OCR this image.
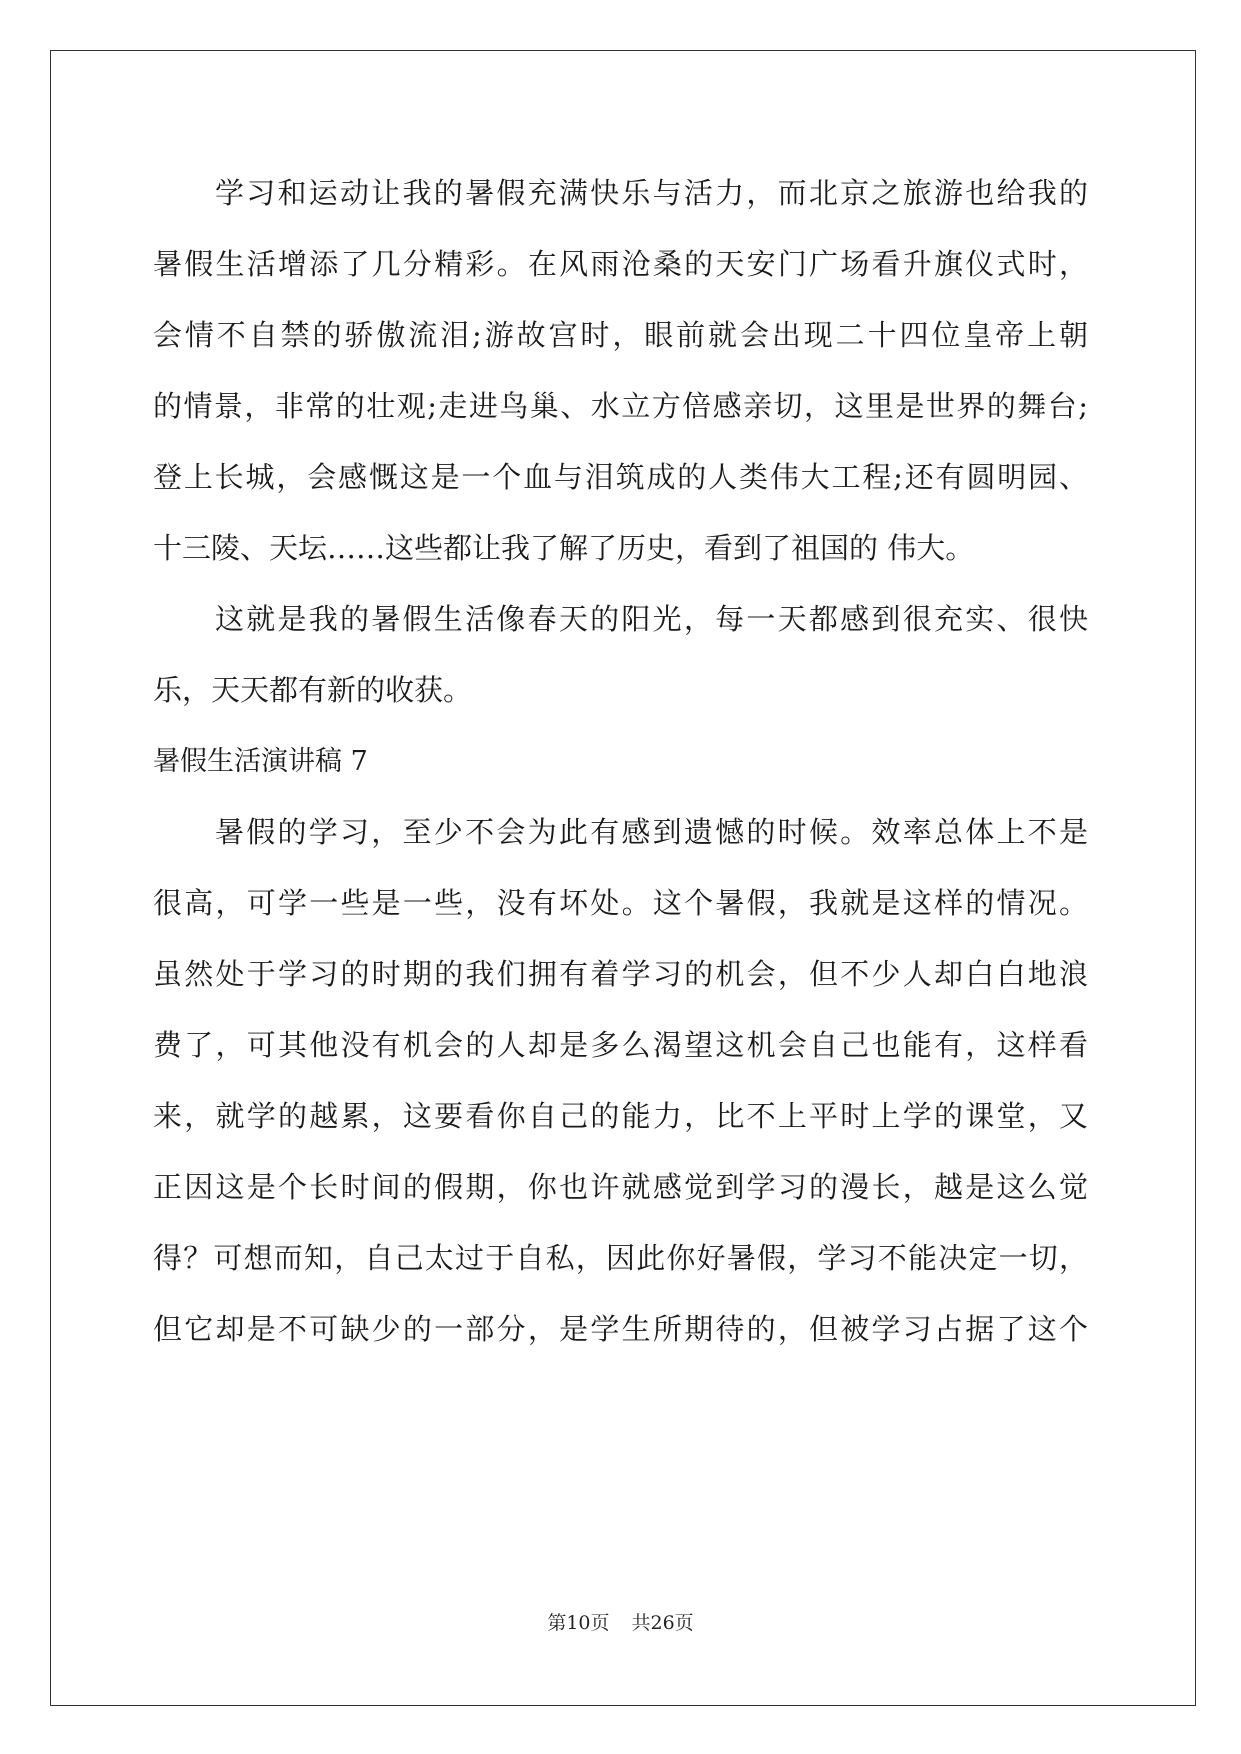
学习和运动让我的暑假充满快乐与活力，而北京之旅游也给我的
暑假生活增添了几分精彩。在风雨沧桑的天安门广场看升旗仪式时，
会情不自禁的骄傲流泪;游故宫时，眼前就会出现二十四位皇帝上朝
的情景，非常的壮观;走进鸟巢、水立方倍感亲切，这里是世界的舞台;
登上长城，会感慨这是一个血与泪筑成的人类伟大工程;还有圆明园、
十三陵、天坛……这些都让我了解了历史，看到了祖国的 伟大。
这就是我的暑假生活像春天的阳光，每一天都感到很充实、很快
乐，天天都有新的收获。
暑假生活演讲稿 7
暑假的学习，至少不会为此有感到遗憾的时候。效率总体上不是
很高，可学一些是一些，没有坏处。这个暑假，我就是这样的情况。
虽然处于学习的时期的我们拥有着学习的机会，但不少人却白白地浪
费了，可其他没有机会的人却是多么渴望这机会自己也能有，这样看
来，就学的越累，这要看你自己的能力，比不上平时上学的课堂，又
正因这是个长时间的假期，你也许就感觉到学习的漫长，越是这么觉
得？可想而知，自己太过于自私，因此你好暑假，学习不能决定一切，
但它却是不可缺少的一部分，是学生所期待的，但被学习占据了这个
第10页 共26页
